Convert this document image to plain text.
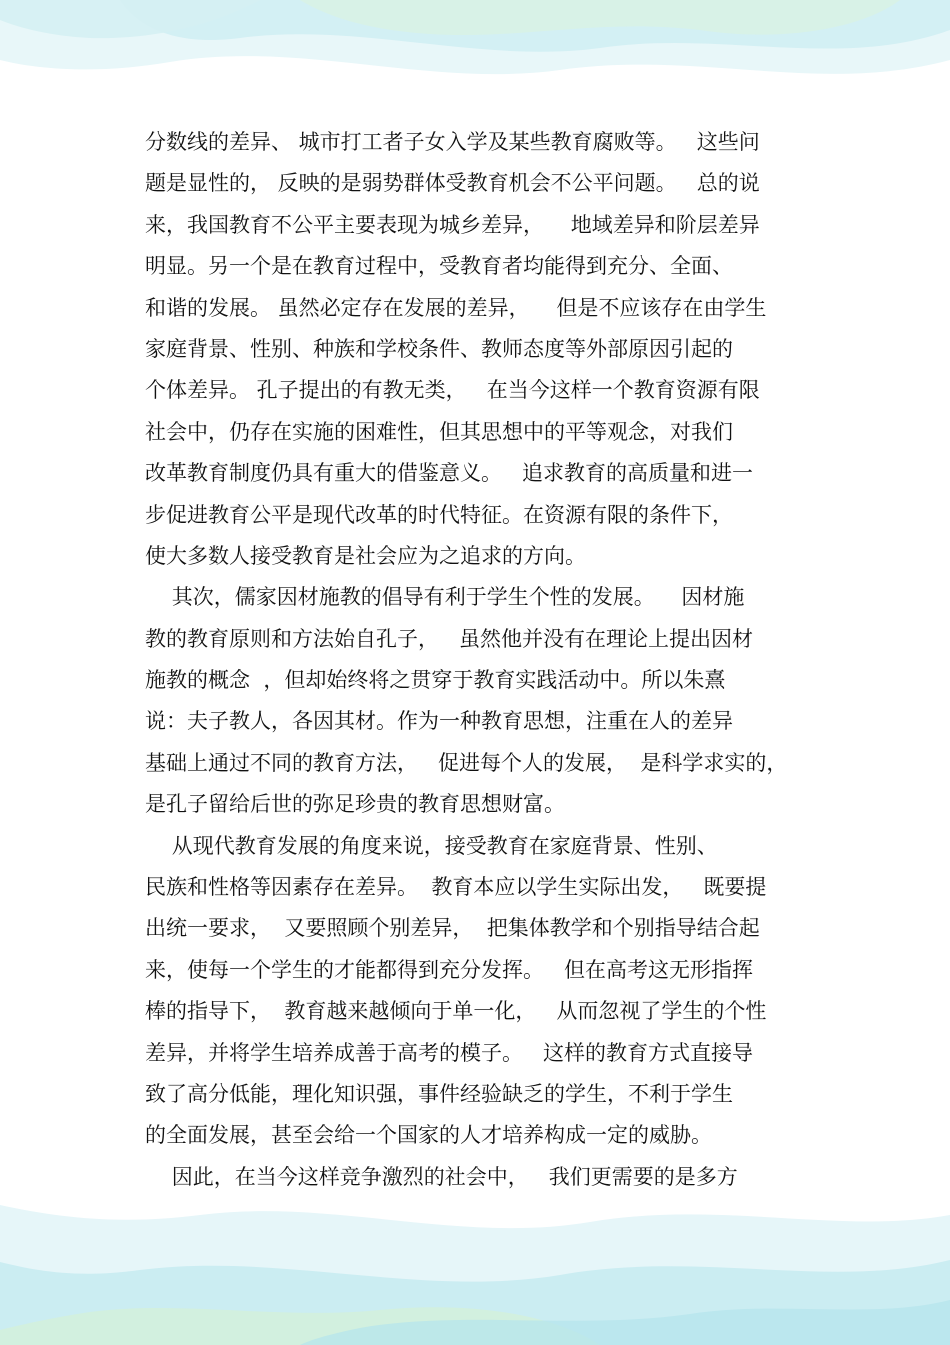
分数线的差异、 城市打工者子女入学及某些教育腐败等。   这些问
题是显性的， 反映的是弱势群体受教育机会不公平问题。   总的说
来，我国教育不公平主要表现为城乡差异，    地域差异和阶层差异
明显。另一个是在教育过程中，受教育者均能得到充分、全面、
和谐的发展。 虽然必定存在发展的差异，    但是不应该存在由学生
家庭背景、性别、种族和学校条件、教师态度等外部原因引起的
个体差异。 孔子提出的有教无类，   在当今这样一个教育资源有限
社会中，仍存在实施的困难性，但其思想中的平等观念，对我们
改革教育制度仍具有重大的借鉴意义。   追求教育的高质量和进一
步促进教育公平是现代改革的时代特征。在资源有限的条件下，
使大多数人接受教育是社会应为之追求的方向。
其次，儒家因材施教的倡导有利于学生个性的发展。    因材施
教的教育原则和方法始自孔子，   虽然他并没有在理论上提出因材
施教的概念  ，但却始终将之贯穿于教育实践活动中。所以朱熹
说：夫子教人，各因其材。作为一种教育思想，注重在人的差异
基础上通过不同的教育方法，   促进每个人的发展，  是科学求实的，
是孔子留给后世的弥足珍贵的教育思想财富。
从现代教育发展的角度来说，接受教育在家庭背景、性别、
民族和性格等因素存在差异。  教育本应以学生实际出发，   既要提
出统一要求，  又要照顾个别差异，  把集体教学和个别指导结合起
来，使每一个学生的才能都得到充分发挥。   但在高考这无形指挥
棒的指导下，  教育越来越倾向于单一化，   从而忽视了学生的个性
差异，并将学生培养成善于高考的模子。   这样的教育方式直接导
致了高分低能，理化知识强，事件经验缺乏的学生，不利于学生
的全面发展，甚至会给一个国家的人才培养构成一定的威胁。
因此，在当今这样竞争激烈的社会中，   我们更需要的是多方
